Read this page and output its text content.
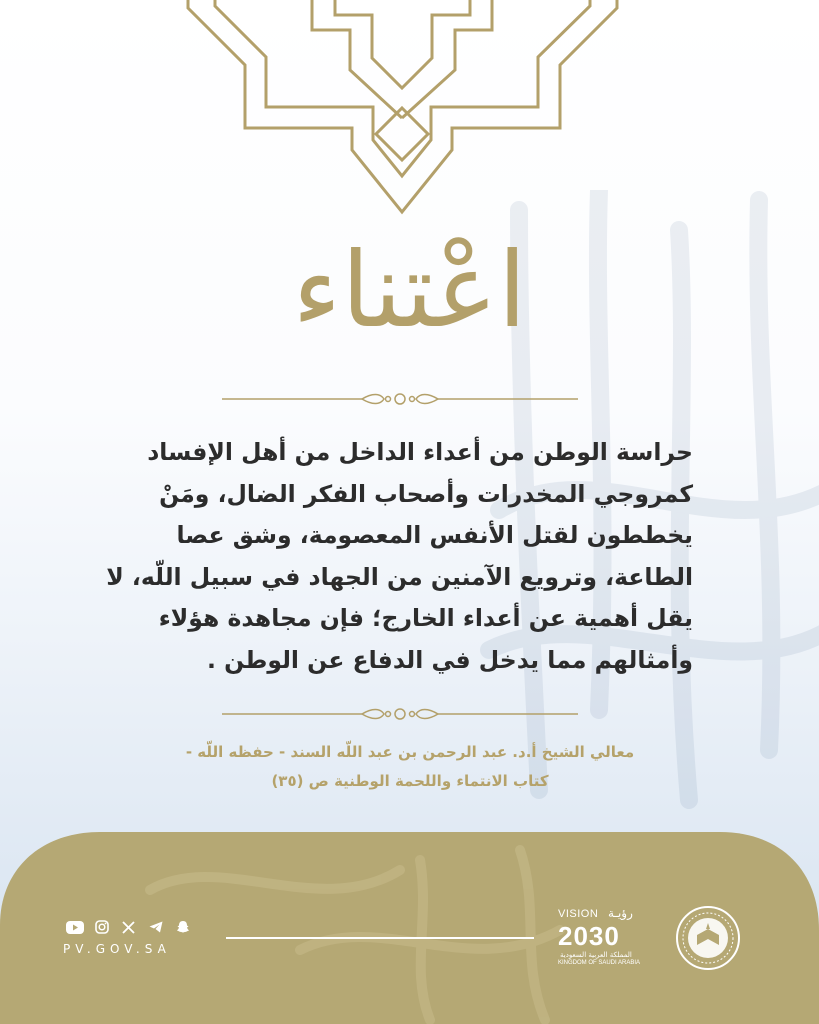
اعْتناء
حراسة الوطن من أعداء الداخل من أهل الإفساد
كمروجي المخدرات وأصحاب الفكر الضال، ومَنْ
يخططون لقتل الأنفس المعصومة، وشق عصا
الطاعة، وترويع الآمنين من الجهاد في سبيل اللّه، لا
يقل أهمية عن أعداء الخارج؛ فإن مجاهدة هؤلاء
وأمثالهم مما يدخل في الدفاع عن الوطن .
معالي الشيخ أ.د. عبد الرحمن بن عبد اللّه السند - حفظه اللّه -
كتاب الانتماء واللحمة الوطنية ص (٣٥)
PV.GOV.SA
VISION رؤيـة
2030
المملكة العربية السعودية
KINGDOM OF SAUDI ARABIA
